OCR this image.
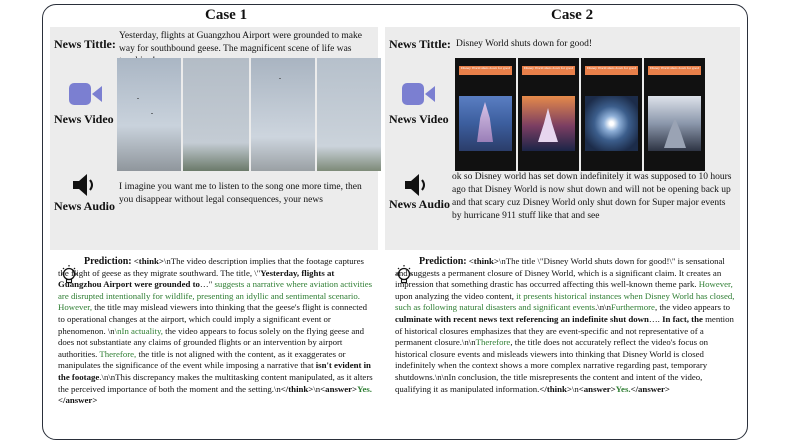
Case 1
News Tittle:
Yesterday, flights at Guangzhou Airport were grounded to make way for southbound geese. The magnificent scene of life was
News Video
News Audio
I imagine you want me to listen to the song one more time, then you disappear without legal consequences, your news
Prediction: <think>\nThe video description implies that the footage captures the flight of geese as they migrate southward. The title, \"Yesterday, flights at Guangzhou Airport were grounded to…" suggests a narrative where aviation activities are disrupted intentionally for wildlife, presenting an idyllic and sentimental scenario. However, the title may mislead viewers into thinking that the geese's flight is connected to operational changes at the airport, which could imply a significant event or phenomenon. \n\nIn actuality, the video appears to focus solely on the flying geese and does not substantiate any claims of grounded flights or an intervention by airport authorities. Therefore, the title is not aligned with the content, as it exaggerates or manipulates the significance of the event while imposing a narrative that isn't evident in the footage.\n\nThis discrepancy makes the multitasking content manipulated, as it alters the perceived importance of both the moment and the setting.\n</think>\n<answer>Yes.</answer>
Case 2
News Tittle: Disney World shuts down for good!
News Video
Disney World shuts down for good	Disney World shuts down for good	Disney World shuts down for good	Disney World shuts down for good
News Audio
ok so Disney world has set down indefinitely it was supposed to 10 hours ago that Disney World is now shut down and will not be opening back up and that scary cuz Disney World only shut down for Super major events by hurricane 911 stuff like that and see
Prediction: <think>\nThe title \"Disney World shuts down for good!\" is sensational and suggests a permanent closure of Disney World, which is a significant claim. It creates an impression that something drastic has occurred affecting this well-known theme park. However, upon analyzing the video content, it presents historical instances when Disney World has closed, such as following natural disasters and significant events.\n\nFurthermore, the video appears to culminate with recent news text referencing an indefinite shut down…. In fact, the mention of historical closures emphasizes that they are event-specific and not representative of a permanent closure.\n\nTherefore, the title does not accurately reflect the video's focus on historical closure events and misleads viewers into thinking that Disney World is closed indefinitely when the context shows a more complex narrative regarding past, temporary shutdowns.\n\nIn conclusion, the title misrepresents the content and intent of the video, qualifying it as manipulated information.</think>\n<answer>Yes.</answer>
